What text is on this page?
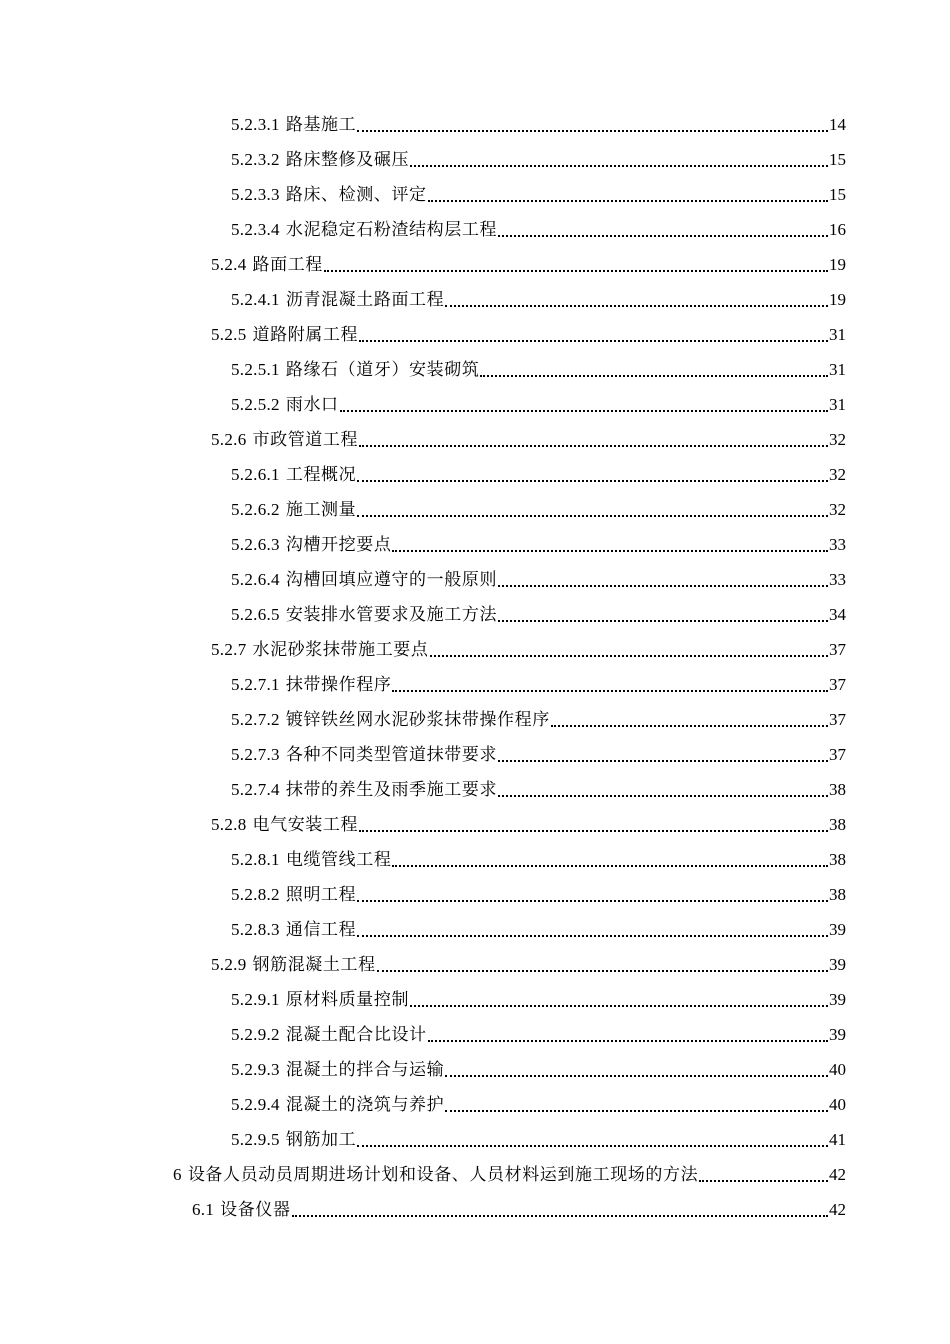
5.2.3.1 路基施工	14
5.2.3.2 路床整修及碾压	15
5.2.3.3 路床、检测、评定	15
5.2.3.4 水泥稳定石粉渣结构层工程	16
5.2.4 路面工程	19
5.2.4.1 沥青混凝土路面工程	19
5.2.5 道路附属工程	31
5.2.5.1 路缘石（道牙）安装砌筑	31
5.2.5.2 雨水口	31
5.2.6 市政管道工程	32
5.2.6.1 工程概况	32
5.2.6.2 施工测量	32
5.2.6.3 沟槽开挖要点	33
5.2.6.4 沟槽回填应遵守的一般原则	33
5.2.6.5 安装排水管要求及施工方法	34
5.2.7 水泥砂浆抹带施工要点	37
5.2.7.1 抹带操作程序	37
5.2.7.2 镀锌铁丝网水泥砂浆抹带操作程序	37
5.2.7.3 各种不同类型管道抹带要求	37
5.2.7.4 抹带的养生及雨季施工要求	38
5.2.8 电气安装工程	38
5.2.8.1 电缆管线工程	38
5.2.8.2 照明工程	38
5.2.8.3 通信工程	39
5.2.9 钢筋混凝土工程	39
5.2.9.1 原材料质量控制	39
5.2.9.2 混凝土配合比设计	39
5.2.9.3 混凝土的拌合与运输	40
5.2.9.4 混凝土的浇筑与养护	40
5.2.9.5 钢筋加工	41
6 设备人员动员周期进场计划和设备、人员材料运到施工现场的方法	42
6.1 设备仪器	42
